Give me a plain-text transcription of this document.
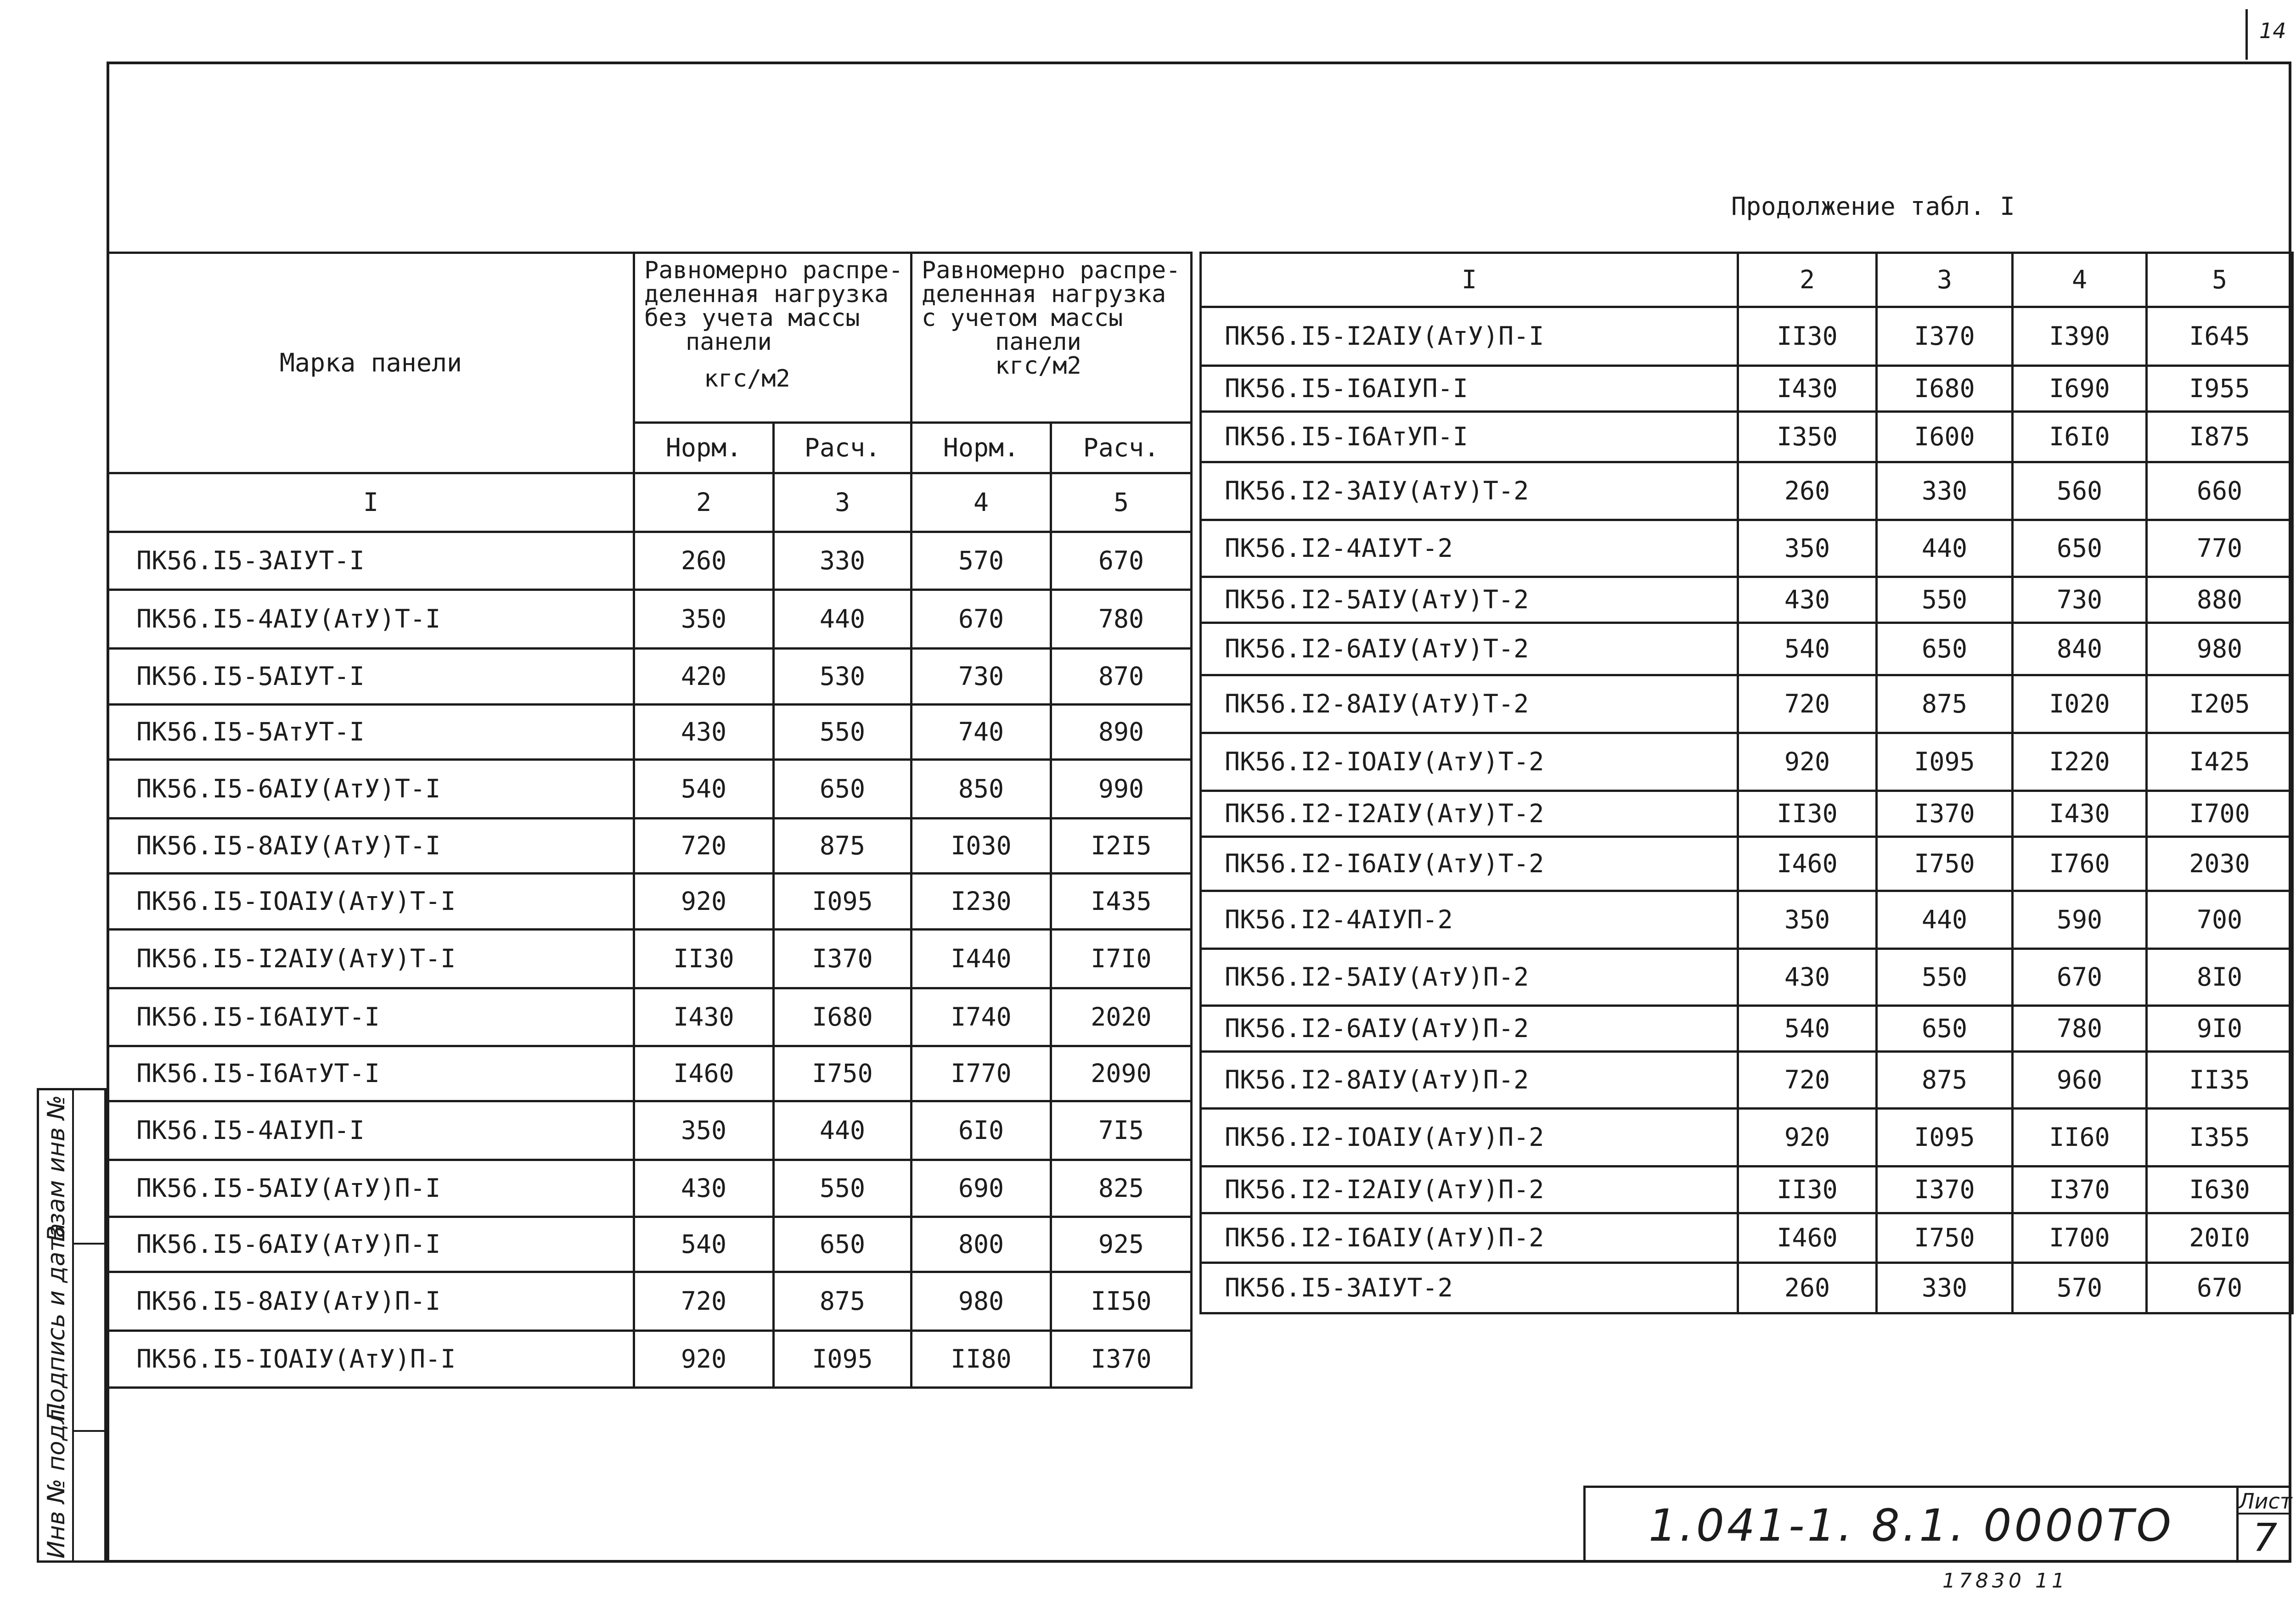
14
Продолжение табл. I
Марка панели	Равномерно распре-
деленная нагрузка
без учета массы
панели
кгс/м2		Равномерно распре-
деленная нагрузка
с учетом массы
панели
кгс/м2	

	Hорм.	Расч.	Норм.	Расч.
I	2	3	4	5
ПК56.I5-3AIУТ-I	260	330	570	670
ПК56.I5-4AIУ(АтУ)Т-I	350	440	670	780
ПК56.I5-5AIУТ-I	420	530	730	870
ПК56.I5-5АтУТ-I	430	550	740	890
ПК56.I5-6AIУ(АтУ)Т-I	540	650	850	990
ПК56.I5-8AIУ(АтУ)Т-I	720	875	I030	I2I5
ПК56.I5-IOAIУ(АтУ)Т-I	920	I095	I230	I435
ПК56.I5-I2AIУ(АтУ)Т-I	II30	I370	I440	I7I0
ПК56.I5-I6AIУТ-I	I430	I680	I740	2020
ПК56.I5-I6АтУТ-I	I460	I750	I770	2090
ПК56.I5-4AIУП-I	350	440	6I0	7I5
ПК56.I5-5AIУ(АтУ)П-I	430	550	690	825
ПК56.I5-6AIУ(АтУ)П-I	540	650	800	925
ПК56.I5-8AIУ(АтУ)П-I	720	875	980	II50
ПК56.I5-IOAIУ(АтУ)П-I	920	I095	II80	I370
I	2	3	4	5
ПК56.I5-I2AIУ(АтУ)П-I	II30	I370	I390	I645
ПК56.I5-I6AIУП-I	I430	I680	I690	I955
ПК56.I5-I6АтУП-I	I350	I600	I6I0	I875
ПК56.I2-3AIУ(АтУ)Т-2	260	330	560	660
ПК56.I2-4AIУТ-2	350	440	650	770
ПК56.I2-5AIУ(АтУ)Т-2	430	550	730	880
ПК56.I2-6AIУ(АтУ)Т-2	540	650	840	980
ПК56.I2-8AIУ(АтУ)Т-2	720	875	I020	I205
ПК56.I2-IOAIУ(АтУ)Т-2	920	I095	I220	I425
ПК56.I2-I2AIУ(АтУ)Т-2	II30	I370	I430	I700
ПК56.I2-I6AIУ(АтУ)Т-2	I460	I750	I760	2030
ПК56.I2-4AIУП-2	350	440	590	700
ПК56.I2-5AIУ(АтУ)П-2	430	550	670	8I0
ПК56.I2-6AIУ(АтУ)П-2	540	650	780	9I0
ПК56.I2-8AIУ(АтУ)П-2	720	875	960	II35
ПК56.I2-IOAIУ(АтУ)П-2	920	I095	II60	I355
ПК56.I2-I2AIУ(АтУ)П-2	II30	I370	I370	I630
ПК56.I2-I6AIУ(АтУ)П-2	I460	I750	I700	20I0
ПК56.I5-3AIУТ-2	260	330	570	670
Инв № подл.
Подпись и дата
Взам инв №
1.041-1. 8.1. 0000ТО	Лист
7
17830 11
